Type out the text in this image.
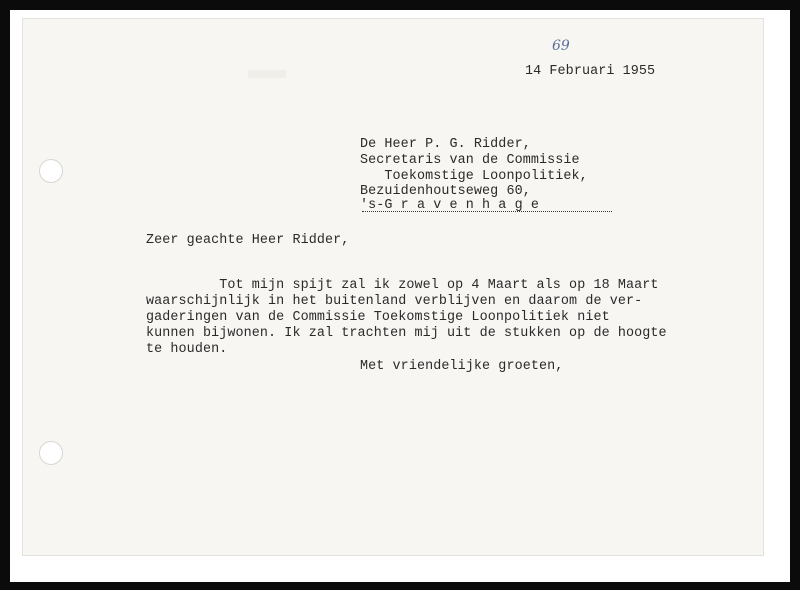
69

14 Februari 1955

De Heer P. G. Ridder,

Secretaris van de Commissie

Toekomstige Loonpolitiek,

Bezuidenhoutseweg 60,

's-G r a v e n h a g e

Zeer geachte Heer Ridder,

Tot mijn spijt zal ik zowel op 4 Maart als op 18 Maart

waarschijnlijk in het buitenland verblijven en daarom de ver-

gaderingen van de Commissie Toekomstige Loonpolitiek niet

kunnen bijwonen. Ik zal trachten mij uit de stukken op de hoogte

te houden.

Met vriendelijke groeten,
